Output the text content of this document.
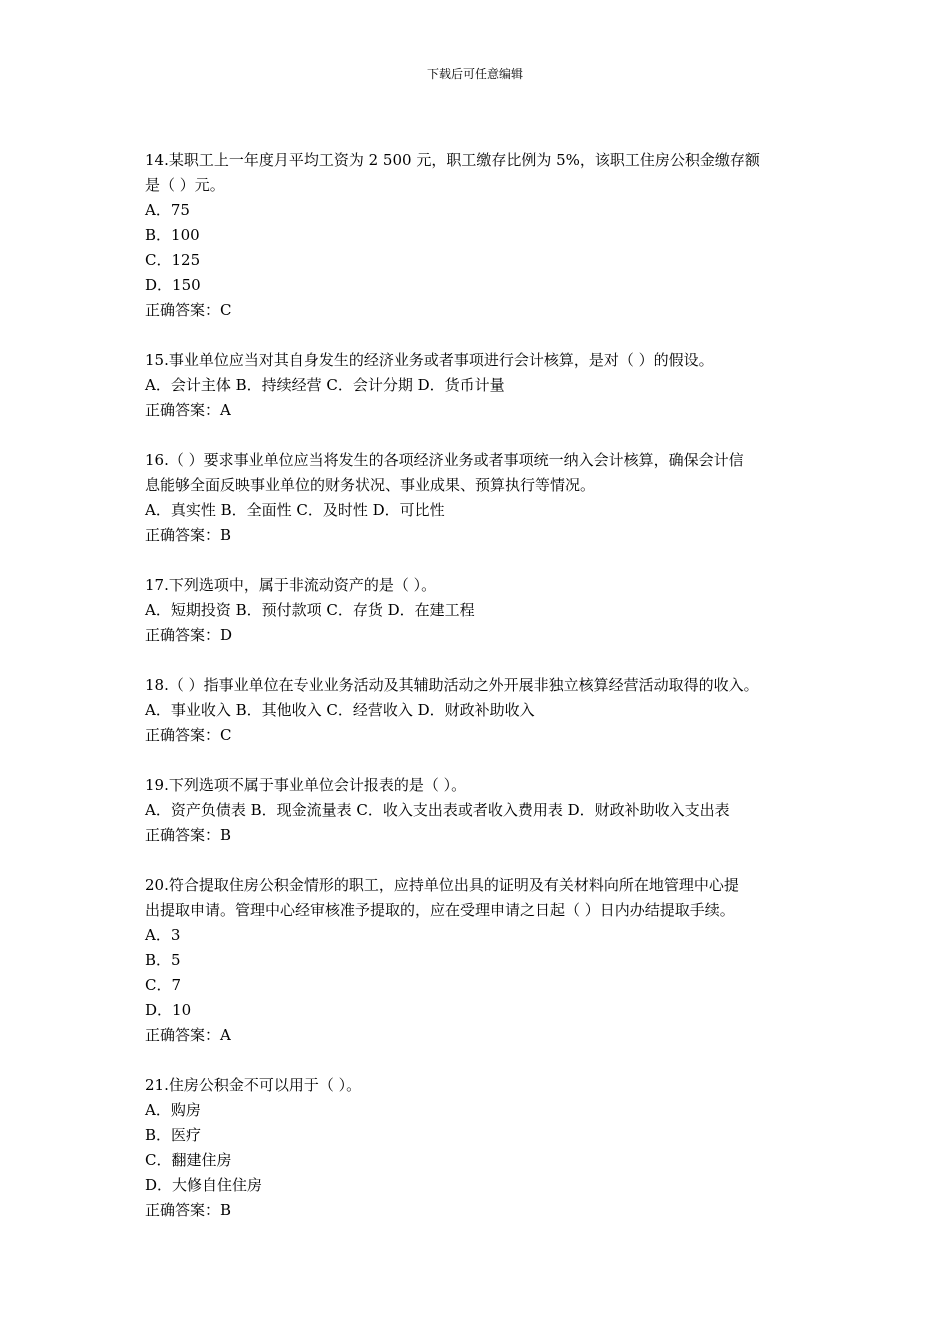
下载后可任意编辑
14.某职工上一年度月平均工资为 2 500 元，职工缴存比例为 5%，该职工住房公积金缴存额
是（ ）元。
A．75
B．100
C．125
D．150
正确答案：C
15.事业单位应当对其自身发生的经济业务或者事项进行会计核算，是对（ ）的假设。
A．会计主体 B．持续经营 C．会计分期 D．货币计量
正确答案：A
16.（ ）要求事业单位应当将发生的各项经济业务或者事项统一纳入会计核算，确保会计信
息能够全面反映事业单位的财务状况、事业成果、预算执行等情况。
A．真实性 B．全面性 C．及时性 D．可比性
正确答案：B
17.下列选项中，属于非流动资产的是（ ）。
A．短期投资 B．预付款项 C．存货 D．在建工程
正确答案：D
18.（ ）指事业单位在专业业务活动及其辅助活动之外开展非独立核算经营活动取得的收入。
A．事业收入 B．其他收入 C．经营收入 D．财政补助收入
正确答案：C
19.下列选项不属于事业单位会计报表的是（ ）。
A．资产负债表 B．现金流量表 C．收入支出表或者收入费用表 D．财政补助收入支出表
正确答案：B
20.符合提取住房公积金情形的职工，应持单位出具的证明及有关材料向所在地管理中心提
出提取申请。管理中心经审核准予提取的，应在受理申请之日起（ ）日内办结提取手续。
A．3
B．5
C．7
D．10
正确答案：A
21.住房公积金不可以用于（ ）。
A．购房
B．医疗
C．翻建住房
D．大修自住住房
正确答案：B
